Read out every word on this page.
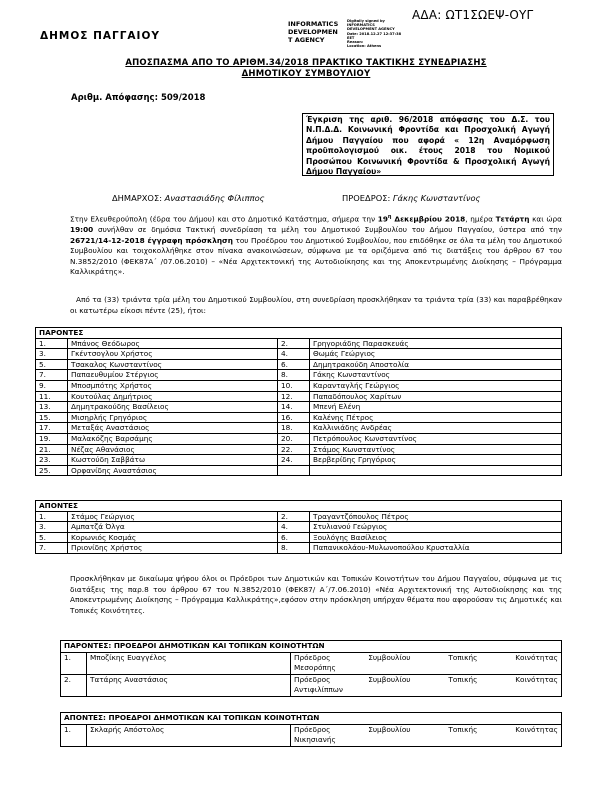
ΑΔΑ: ΩΤ1ΣΩΕΨ-ΟΥΓ
ΔΗΜΟΣ ΠΑΓΓΑΙΟΥ
INFORMATICS
DEVELOPMEN
T AGENCY
Digitally signed by
INFORMATICS
DEVELOPMENT AGENCY
Date: 2018.12.27 12:37:38
EET
Reason:
Location: Athens
ΑΠΟΣΠΑΣΜΑ ΑΠΟ ΤΟ ΑΡΙΘΜ.34/2018 ΠΡΑΚΤΙΚΟ ΤΑΚΤΙΚΗΣ ΣΥΝΕΔΡΙΑΣΗΣ
ΔΗΜΟΤΙΚΟΥ ΣΥΜΒΟΥΛΙΟΥ
Αριθμ. Απόφασης: 509/2018
Έγκριση της αριθ. 96/2018 απόφασης του Δ.Σ. του Ν.Π.Δ.Δ. Κοινωνική Φροντίδα και Προσχολική Αγωγή Δήμου Παγγαίου που αφορά « 12η Αναμόρφωση προϋπολογισμού οικ. έτους 2018 του Νομικού Προσώπου Κοινωνική Φροντίδα & Προσχολική Αγωγή Δήμου Παγγαίου»
ΔΗΜΑΡΧΟΣ: Αναστασιάδης Φίλιππος	ΠΡΟΕΔΡΟΣ: Γάκης Κωνσταντίνος
Στην Ελευθερούπολη (έδρα του Δήμου) και στο Δημοτικό Κατάστημα, σήμερα την $19^\eta$ Δεκεμβρίου 2018, ημέρα Τετάρτη και ώρα 19:00 συνήλθαν σε δημόσια Τακτική συνεδρίαση τα μέλη του Δημοτικού Συμβουλίου του Δήμου Παγγαίου, ύστερα από την 26721/14-12-2018 έγγραφη πρόσκληση του Προέδρου του Δημοτικού Συμβουλίου, που επιδόθηκε σε όλα τα μέλη του Δημοτικού Συμβουλίου και τοιχοκολλήθηκε στον πίνακα ανακοινώσεων, σύμφωνα με τα οριζόμενα από τις διατάξεις του άρθρου 67 του Ν.3852/2010 (ΦΕΚ87Α΄ /07.06.2010) – «Νέα Αρχιτεκτονική της Αυτοδιοίκησης και της Αποκεντρωμένης Διοίκησης – Πρόγραμμα Καλλικράτης».
Από τα (33) τριάντα τρία μέλη του Δημοτικού Συμβουλίου, στη συνεδρίαση προσκλήθηκαν τα τριάντα τρία (33) και παραβρέθηκαν οι κατωτέρω είκοσι πέντε (25), ήτοι:
ΠΑΡΟΝΤΕΣ			
1.	Μπάνος Θεόδωρος	2.	Γρηγοριάδης Παρασκευάς
3.	Γκέντσογλου Χρήστος	4.	Θωμάς Γεώργιος
5.	Τσακαλος Κωνσταντίνος	6.	Δημητρακούδη Αποστολία
7.	Παπαευθυμίου Στέργιος	8.	Γάκης Κωνσταντίνος
9.	Μποσμπότης Χρήστος	10.	Καρανταγλής Γεώργιος
11.	Κουτούλας Δημήτριος	12.	Παπαδόπουλος Χαρίτων
13.	Δημητρακούδης Βασίλειος	14.	Μπενή Ελένη
15.	Μισηρλής Γρηγόριος	16.	Καλένης Πέτρος
17.	Μεταξάς Αναστάσιος	18.	Καλλινιάδης Ανδρέας
19.	Μαλακόζης Βαρσάμης	20.	Πετρόπουλος Κωνσταντίνος
21.	Νέζας Αθανάσιος	22.	Στάμος Κωνσταντίνος
23.	Κωστούδη Σαββάτω	24.	Βερβερίδης Γρηγόριος
25.	Ορφανίδης Αναστάσιος		
ΑΠΟΝΤΕΣ			
1.	Στάμος Γεώργιος	2.	Τραγαντζόπουλος Πέτρος
3.	Αμπατζά Όλγα	4.	Στυλιανού Γεώργιος
5.	Κορωνιός Κοσμάς	6.	Ξουλόγης Βασίλειος
7.	Πριονίδης Χρήστος	8.	Παπανικολάου-Μυλωνοπούλου Κρυσταλλία
Προσκλήθηκαν με δικαίωμα ψήφου όλοι οι Πρόεδροι των Δημοτικών και Τοπικών Κοινοτήτων του Δήμου Παγγαίου, σύμφωνα με τις διατάξεις της παρ.8 του άρθρου 67 του Ν.3852/2010 (ΦΕΚ87/ Α΄/7.06.2010) «Νέα Αρχιτεκτονική της Αυτοδιοίκησης και της Αποκεντρωμένης Διοίκησης – Πρόγραμμα Καλλικράτης»,εφόσον στην πρόσκληση υπήρχαν θέματα που αφορούσαν τις Δημοτικές και Τοπικές Κοινότητες.
ΠΑΡΟΝΤΕΣ: ΠΡΟΕΔΡΟΙ ΔΗΜΟΤΙΚΩΝ ΚΑΙ ΤΟΠΙΚΩΝ ΚΟΙΝΟΤΗΤΩΝ		
1.	Μποζίκης Ευαγγέλος	Πρόεδρος Συμβουλίου Τοπικής Κοινότητας
Μεσορόπης

2.	Τατάρης Αναστάσιος	Πρόεδρος Συμβουλίου Τοπικής Κοινότητας
Αντιφιλίππων
ΑΠΟΝΤΕΣ: ΠΡΟΕΔΡΟΙ ΔΗΜΟΤΙΚΩΝ ΚΑΙ ΤΟΠΙΚΩΝ ΚΟΙΝΟΤΗΤΩΝ
1.	Σκλαρής Απόστολος	Πρόεδρος	Συμβουλίου	Τοπικής	Κοινότητας
Νικησιανής
